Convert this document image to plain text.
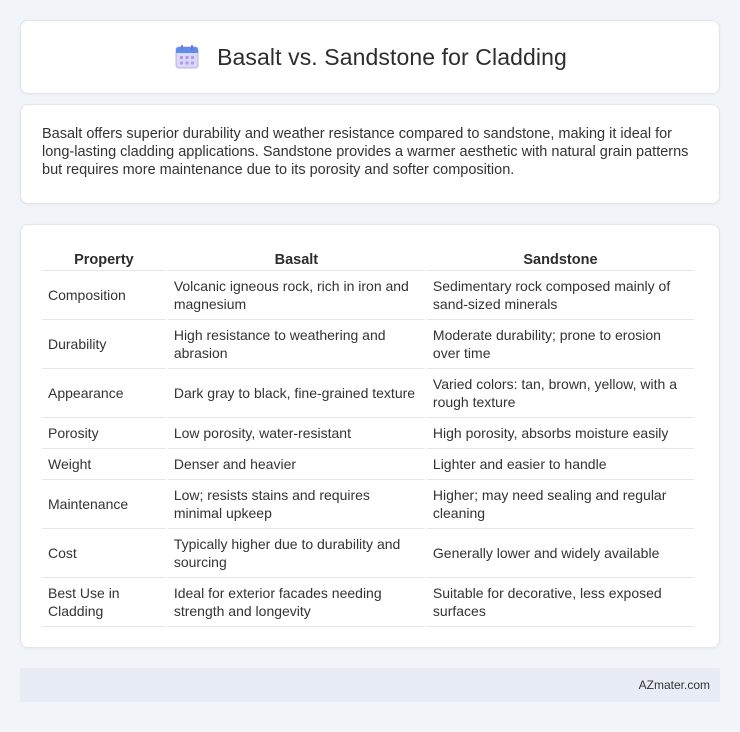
Basalt vs. Sandstone for Cladding

Basalt offers superior durability and weather resistance compared to sandstone, making it ideal for long-lasting cladding applications. Sandstone provides a warmer aesthetic with natural grain patterns but requires more maintenance due to its porosity and softer composition.

Property	Basalt	Sandstone
Composition	Volcanic igneous rock, rich in iron and magnesium	Sedimentary rock composed mainly of sand-sized minerals
Durability	High resistance to weathering and abrasion	Moderate durability; prone to erosion over time
Appearance	Dark gray to black, fine-grained texture	Varied colors: tan, brown, yellow, with a rough texture
Porosity	Low porosity, water-resistant	High porosity, absorbs moisture easily
Weight	Denser and heavier	Lighter and easier to handle
Maintenance	Low; resists stains and requires minimal upkeep	Higher; may need sealing and regular cleaning
Cost	Typically higher due to durability and sourcing	Generally lower and widely available
Best Use in Cladding	Ideal for exterior facades needing strength and longevity	Suitable for decorative, less exposed surfaces
AZmater.com
